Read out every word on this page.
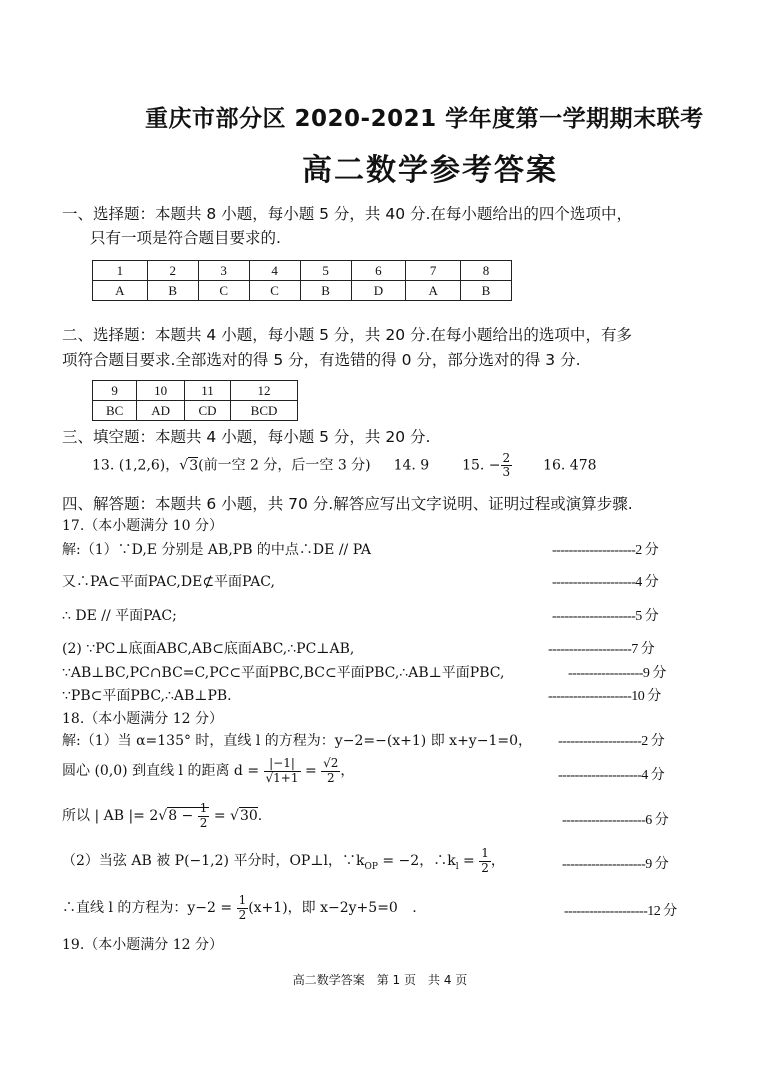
重庆市部分区 2020-2021 学年度第一学期期末联考
高二数学参考答案
一、选择题：本题共 8 小题，每小题 5 分，共 40 分.在每小题给出的四个选项中，
只有一项是符合题目要求的.
1	2	3	4	5	6	7	8
A	B	C	C	B	D	A	B
二、选择题：本题共 4 小题，每小题 5 分，共 20 分.在每小题给出的选项中，有多
项符合题目要求.全部选对的得 5 分，有选错的得 0 分，部分选对的得 3 分.
9	10	11	12
BC	AD	CD	BCD
三、填空题：本题共 4 小题，每小题 5 分，共 20 分.
13. (1,2,6)，√3(前一空 2 分，后一空 3 分) 14. 9 15. − $\frac{2}{3} 16$. 478
四、解答题：本题共 6 小题，共 70 分.解答应写出文字说明、证明过程或演算步骤.
17.（本小题满分 10 分）
解:（1）∵D,E 分别是 AB,PB 的中点∴DE // PA	--------------------2 分
又∴PA⊂平面PAC,DE⊄平面PAC,	--------------------4 分
∴ DE // 平面PAC;	--------------------5 分
(2) ∵PC⊥底面ABC,AB⊂底面ABC,∴PC⊥AB,	--------------------7 分
∵AB⊥BC,PC∩BC=C,PC⊂平面PBC,BC⊂平面PBC,∴AB⊥平面PBC,	------------------9 分
∵PB⊂平面PBC,∴AB⊥PB.	--------------------10 分
18.（本小题满分 12 分）
解:（1）当 α=135° 时，直线 l 的方程为：y−2=−(x+1) 即 x+y−1=0， --------------------2 分
圆心 (0,0) 到直线 l 的距离 $d = \frac{|-1|}{√1+1} = \frac{√2}{2}$ ，	--------------------4 分
所以 | AB |= $2√8 - \frac{1}{2} = √30$.	--------------------6 分
（2）当弦 AB 被 P(−1,2) 平分时，OP⊥l，$\because k_{OP} = -2$，$\therefore k_l = \frac{1}{2}$ ，	--------------------9 分
∴直线 l 的方程为：$y-2 = \frac{1}{2} (x+1)$，即 x−2y+5=0 .	--------------------12 分
19.（本小题满分 12 分）
高二数学答案　第 1 页　共 4 页
